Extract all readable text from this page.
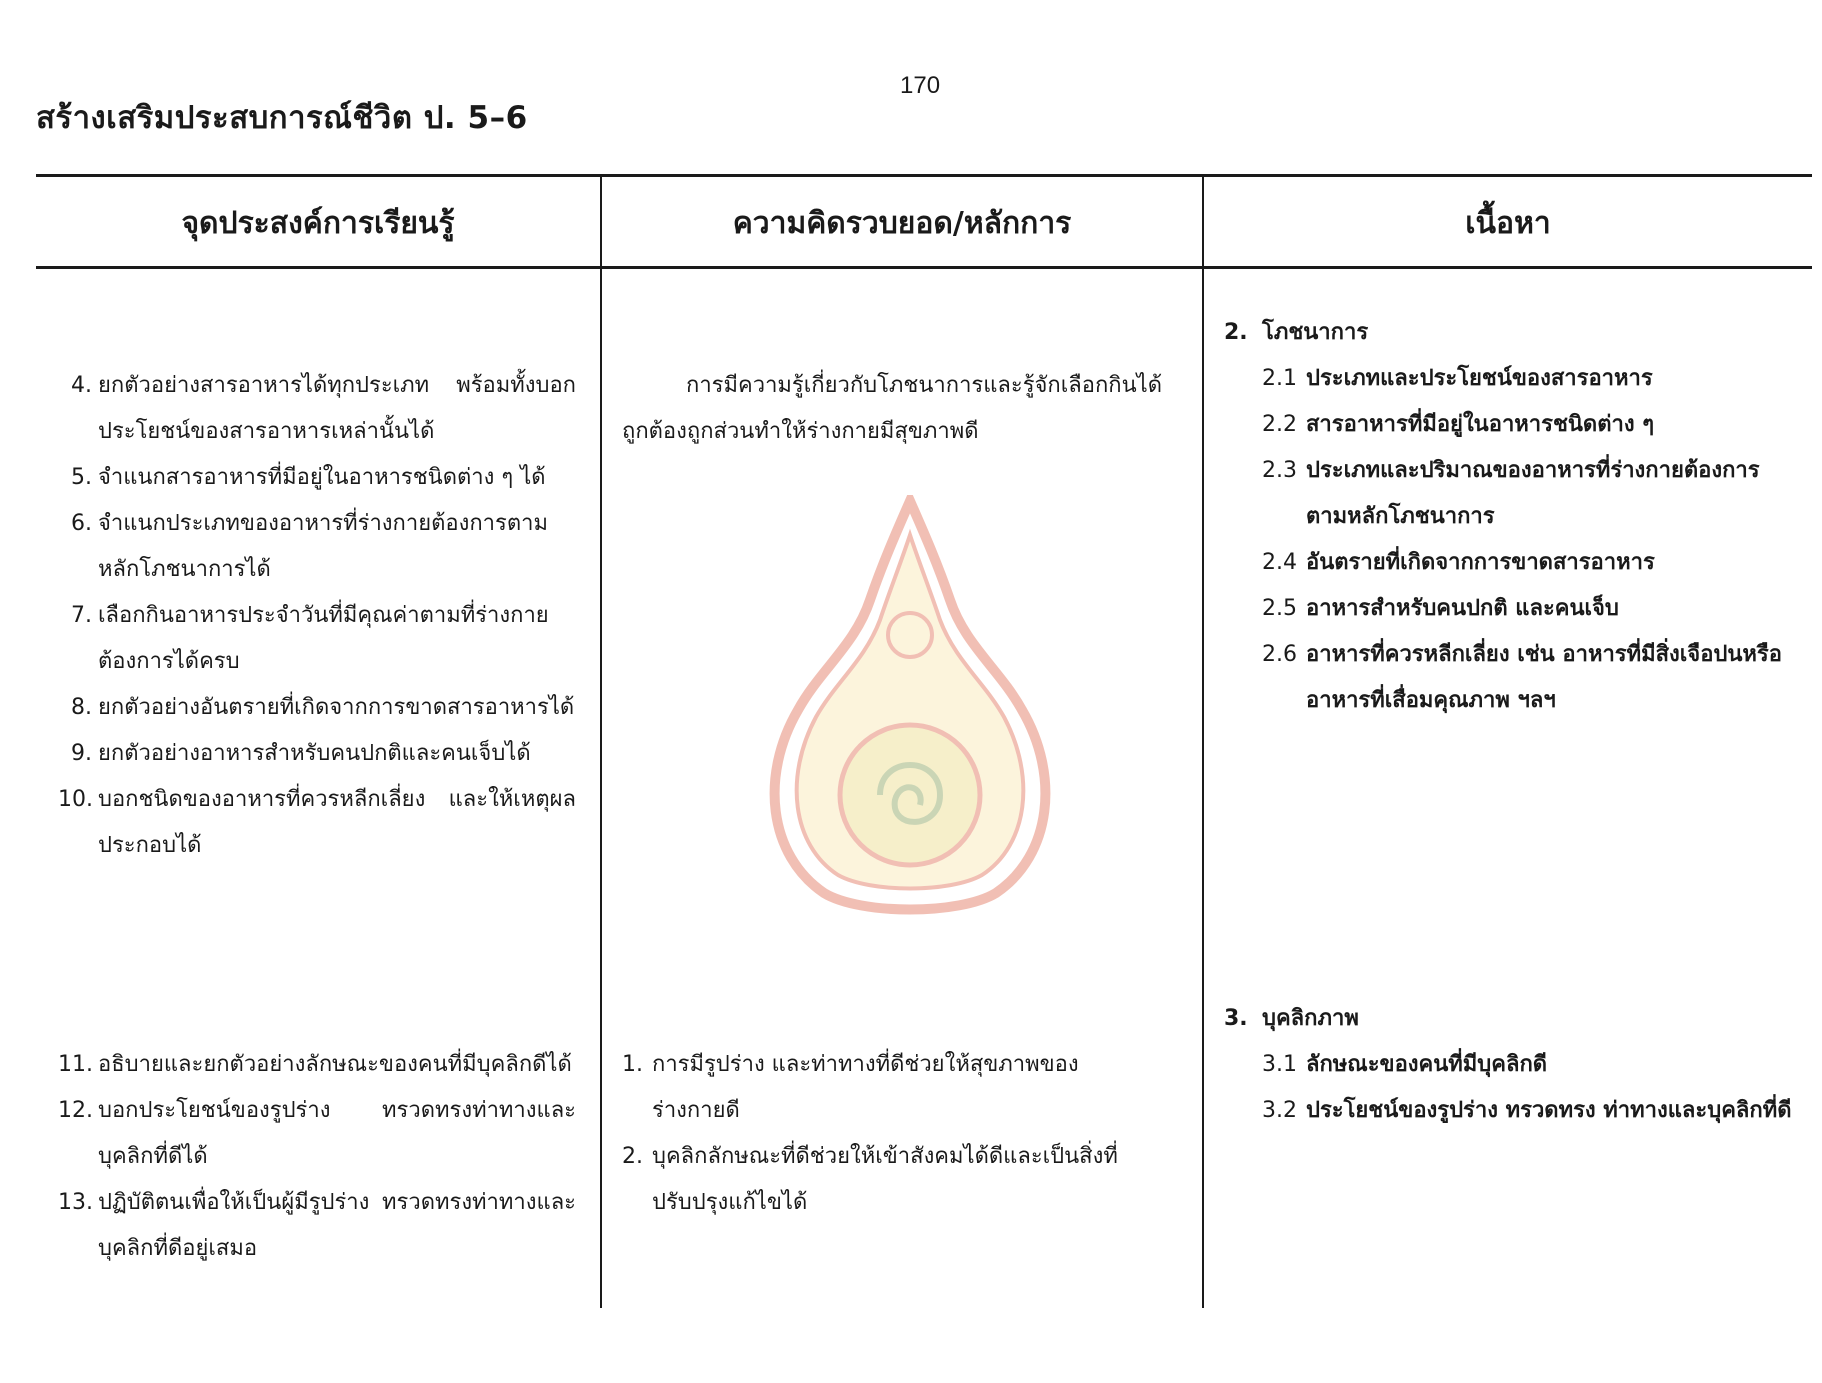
170
สร้างเสริมประสบการณ์ชีวิต ป. 5–6
จุดประสงค์การเรียนรู้	ความคิดรวบยอด/หลักการ	เนื้อหา
4. ยกตัวอย่างสารอาหารได้ทุกประเภท พร้อมทั้งบอกประโยชน์ของสารอาหารเหล่านั้นได้
5. จำแนกสารอาหารที่มีอยู่ในอาหารชนิดต่าง ๆ ได้
6. จำแนกประเภทของอาหารที่ร่างกายต้องการตามหลักโภชนาการได้
7. เลือกกินอาหารประจำวันที่มีคุณค่าตามที่ร่างกายต้องการได้ครบ
8. ยกตัวอย่างอันตรายที่เกิดจากการขาดสารอาหารได้
9. ยกตัวอย่างอาหารสำหรับคนปกติและคนเจ็บได้
10. บอกชนิดของอาหารที่ควรหลีกเลี่ยง และให้เหตุผลประกอบได้
11. อธิบายและยกตัวอย่างลักษณะของคนที่มีบุคลิกดีได้
12. บอกประโยชน์ของรูปร่าง ทรวดทรงท่าทางและบุคลิกที่ดีได้
13. ปฏิบัติตนเพื่อให้เป็นผู้มีรูปร่าง ทรวดทรงท่าทางและบุคลิกที่ดีอยู่เสมอ

การมีความรู้เกี่ยวกับโภชนาการและรู้จักเลือกกินได้ถูกต้องถูกส่วนทำให้ร่างกายมีสุขภาพดี

1. การมีรูปร่าง และท่าทางที่ดีช่วยให้สุขภาพของร่างกายดี
2. บุคลิกลักษณะที่ดีช่วยให้เข้าสังคมได้ดีและเป็นสิ่งที่ปรับปรุงแก้ไขได้
2. โภชนาการ
2.1 ประเภทและประโยชน์ของสารอาหาร
2.2 สารอาหารที่มีอยู่ในอาหารชนิดต่าง ๆ
2.3 ประเภทและปริมาณของอาหารที่ร่างกายต้องการตามหลักโภชนาการ
2.4 อันตรายที่เกิดจากการขาดสารอาหาร
2.5 อาหารสำหรับคนปกติ และคนเจ็บ
2.6 อาหารที่ควรหลีกเลี่ยง เช่น อาหารที่มีสิ่งเจือปนหรืออาหารที่เสื่อมคุณภาพ ฯลฯ
3. บุคลิกภาพ
3.1 ลักษณะของคนที่มีบุคลิกดี
3.2 ประโยชน์ของรูปร่าง ทรวดทรง ท่าทางและบุคลิกที่ดี
